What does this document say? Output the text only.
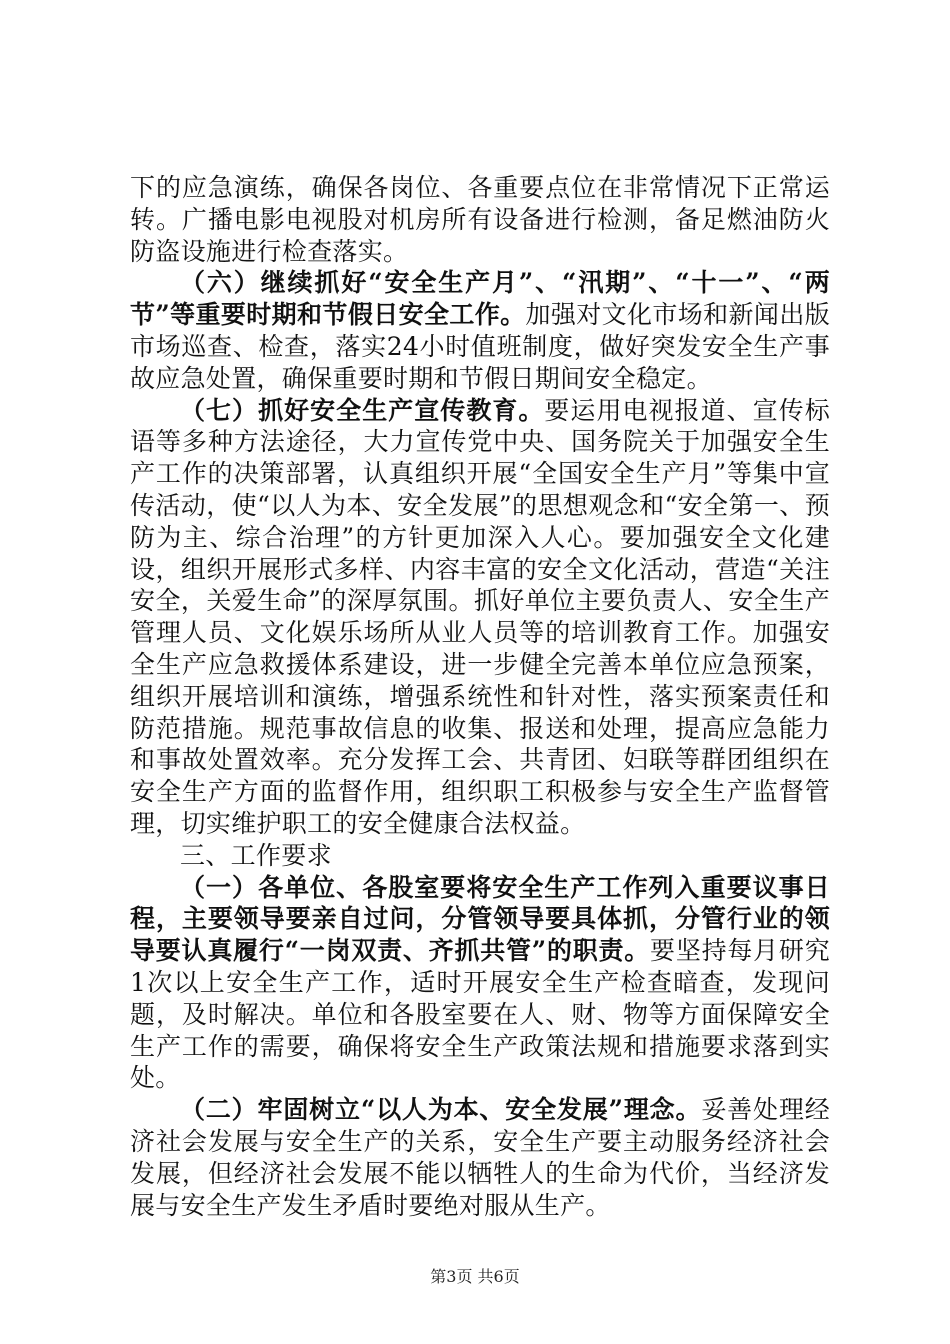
下的应急演练，确保各岗位、各重要点位在非常情况下正常运转。广播电影电视股对机房所有设备进行检测，备足燃油防火防盗设施进行检查落实。

（六）继续抓好“安全生产月”、“汛期”、“十一”、“两节”等重要时期和节假日安全工作。加强对文化市场和新闻出版市场巡查、检查，落实24小时值班制度，做好突发安全生产事故应急处置，确保重要时期和节假日期间安全稳定。

（七）抓好安全生产宣传教育。要运用电视报道、宣传标语等多种方法途径，大力宣传党中央、国务院关于加强安全生产工作的决策部署，认真组织开展“全国安全生产月”等集中宣传活动，使“以人为本、安全发展”的思想观念和“安全第一、预防为主、综合治理”的方针更加深入人心。要加强安全文化建设，组织开展形式多样、内容丰富的安全文化活动，营造“关注安全，关爱生命”的深厚氛围。抓好单位主要负责人、安全生产管理人员、文化娱乐场所从业人员等的培训教育工作。加强安全生产应急救援体系建设，进一步健全完善本单位应急预案，组织开展培训和演练，增强系统性和针对性，落实预案责任和防范措施。规范事故信息的收集、报送和处理，提高应急能力和事故处置效率。充分发挥工会、共青团、妇联等群团组织在安全生产方面的监督作用，组织职工积极参与安全生产监督管理，切实维护职工的安全健康合法权益。

三、工作要求

（一）各单位、各股室要将安全生产工作列入重要议事日程，主要领导要亲自过问，分管领导要具体抓，分管行业的领导要认真履行“一岗双责、齐抓共管”的职责。要坚持每月研究1次以上安全生产工作，适时开展安全生产检查暗查，发现问题，及时解决。单位和各股室要在人、财、物等方面保障安全生产工作的需要，确保将安全生产政策法规和措施要求落到实处。

（二）牢固树立“以人为本、安全发展”理念。妥善处理经济社会发展与安全生产的关系，安全生产要主动服务经济社会发展，但经济社会发展不能以牺牲人的生命为代价，当经济发展与安全生产发生矛盾时要绝对服从生产。

第3页 共6页
